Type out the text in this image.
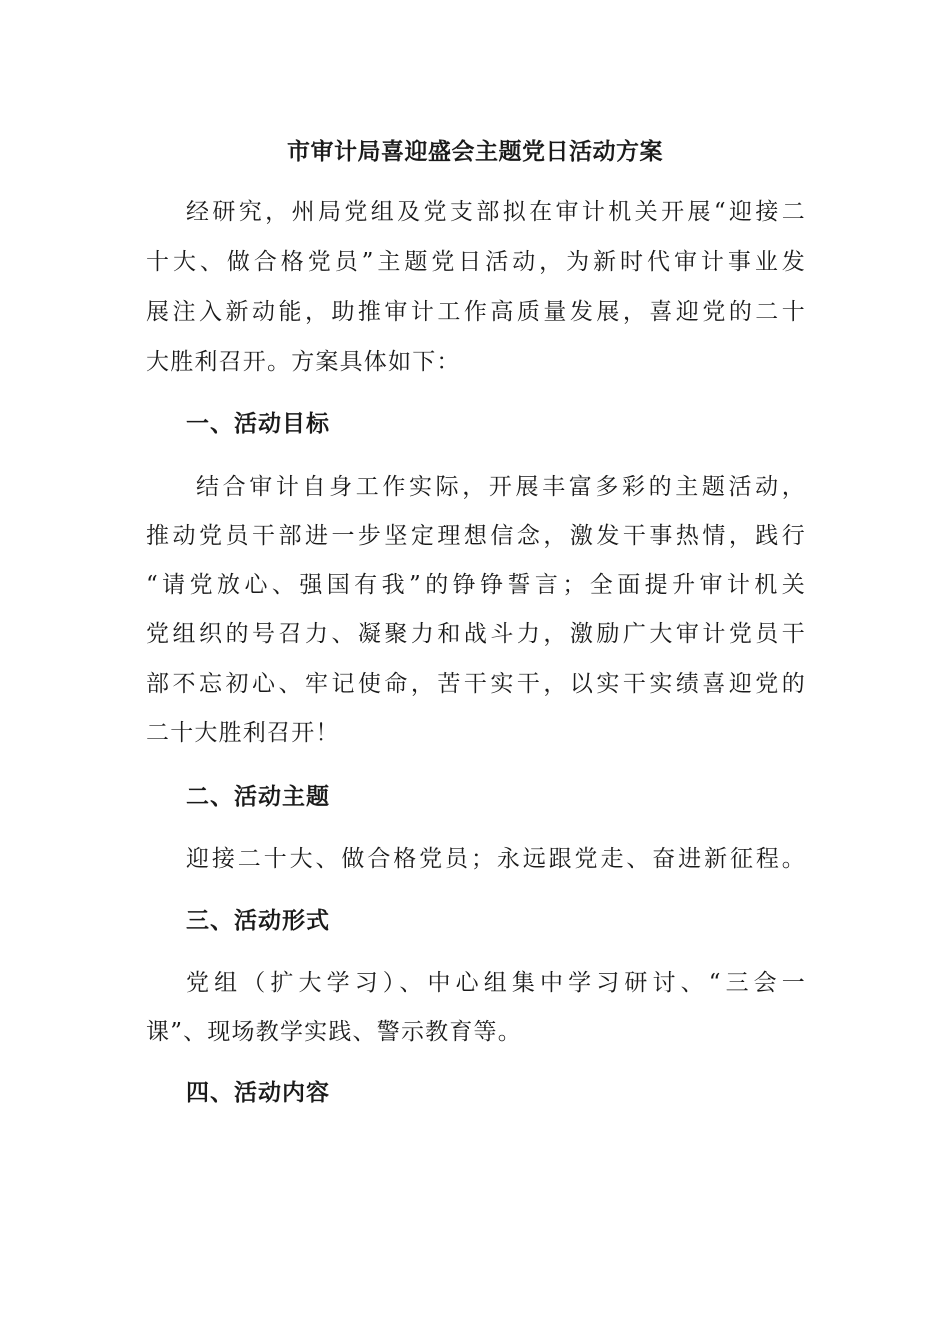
市审计局喜迎盛会主题党日活动方案
经研究，州局党组及党支部拟在审计机关开展“迎接二
十大、做合格党员”主题党日活动，为新时代审计事业发
展注入新动能，助推审计工作高质量发展，喜迎党的二十
大胜利召开。方案具体如下：
一、活动目标
结合审计自身工作实际，开展丰富多彩的主题活动，
推动党员干部进一步坚定理想信念，激发干事热情，践行
“请党放心、强国有我”的铮铮誓言；全面提升审计机关
党组织的号召力、凝聚力和战斗力，激励广大审计党员干
部不忘初心、牢记使命，苦干实干，以实干实绩喜迎党的
二十大胜利召开！
二、活动主题
迎接二十大、做合格党员；永远跟党走、奋进新征程。
三、活动形式
党组（扩大学习）、中心组集中学习研讨、“三会一
课”、现场教学实践、警示教育等。
四、活动内容
